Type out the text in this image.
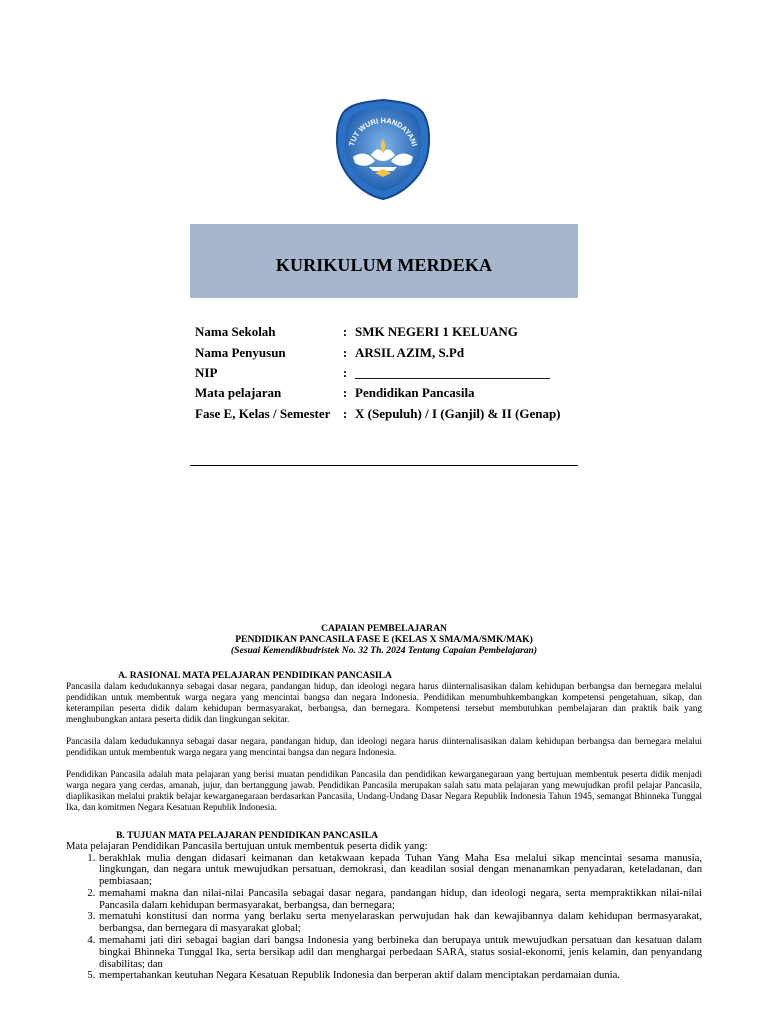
TUT WURI HANDAYANI
KURIKULUM MERDEKA
Nama Sekolah	:	SMK NEGERI 1 KELUANG
Nama Penyusun	:	ARSIL AZIM, S.Pd
NIP	:	______________________________
Mata pelajaran	:	Pendidikan Pancasila
Fase E, Kelas / Semester	:	X (Sepuluh) / I (Ganjil) & II (Genap)
CAPAIAN PEMBELAJARAN
PENDIDIKAN PANCASILA FASE E (KELAS X SMA/MA/SMK/MAK)
(Sesuai Kemendikbudristek No. 32 Th. 2024 Tentang Capaian Pembelajaran)
A. RASIONAL MATA PELAJARAN PENDIDIKAN PANCASILA

Pancasila dalam kedudukannya sebagai dasar negara, pandangan hidup, dan ideologi negara harus diinternalisasikan dalam kehidupan berbangsa dan bernegara melalui pendidikan untuk membentuk warga negara yang mencintai bangsa dan negara Indonesia. Pendidikan menumbuhkembangkan kompetensi pengetahuan, sikap, dan keterampilan peserta didik dalam kehidupan bermasyarakat, berbangsa, dan bernegara. Kompetensi tersebut membutuhkan pembelajaran dan praktik baik yang menghubungkan antara peserta didik dan lingkungan sekitar.

Pancasila dalam kedudukannya sebagai dasar negara, pandangan hidup, dan ideologi negara harus diinternalisasikan dalam kehidupan berbangsa dan bernegara melalui pendidikan untuk membentuk warga negara yang mencintai bangsa dan negara Indonesia.

Pendidikan Pancasila adalah mata pelajaran yang berisi muatan pendidikan Pancasila dan pendidikan kewarganegaraan yang bertujuan membentuk peserta didik menjadi warga negara yang cerdas, amanah, jujur, dan bertanggung jawab. Pendidikan Pancasila merupakan salah satu mata pelajaran yang mewujudkan profil pelajar Pancasila, diaplikasikan melalui praktik belajar kewarganegaraan berdasarkan Pancasila, Undang-Undang Dasar Negara Republik Indonesia Tahun 1945, semangat Bhinneka Tunggal Ika, dan komitmen Negara Kesatuan Republik Indonesia.

B. TUJUAN MATA PELAJARAN PENDIDIKAN PANCASILA

Mata pelajaran Pendidikan Pancasila bertujuan untuk membentuk peserta didik yang:

1. berakhlak mulia dengan didasari keimanan dan ketakwaan kepada Tuhan Yang Maha Esa melalui sikap mencintai sesama manusia, lingkungan, dan negara untuk mewujudkan persatuan, demokrasi, dan keadilan sosial dengan menanamkan penyadaran, keteladanan, dan pembiasaan;
2. memahami makna dan nilai-nilai Pancasila sebagai dasar negara, pandangan hidup, dan ideologi negara, serta mempraktikkan nilai-nilai Pancasila dalam kehidupan bermasyarakat, berbangsa, dan bernegara;
3. mematuhi konstitusi dan norma yang berlaku serta menyelaraskan perwujudan hak dan kewajibannya dalam kehidupan bermasyarakat, berbangsa, dan bernegara di masyarakat global;
4. memahami jati diri sebagai bagian dari bangsa Indonesia yang berbineka dan berupaya untuk mewujudkan persatuan dan kesatuan dalam bingkai Bhinneka Tunggal Ika, serta bersikap adil dan menghargai perbedaan SARA, status sosial-ekonomi, jenis kelamin, dan penyandang disabilitas; dan
5. mempertahankan keutuhan Negara Kesatuan Republik Indonesia dan berperan aktif dalam menciptakan perdamaian dunia.
